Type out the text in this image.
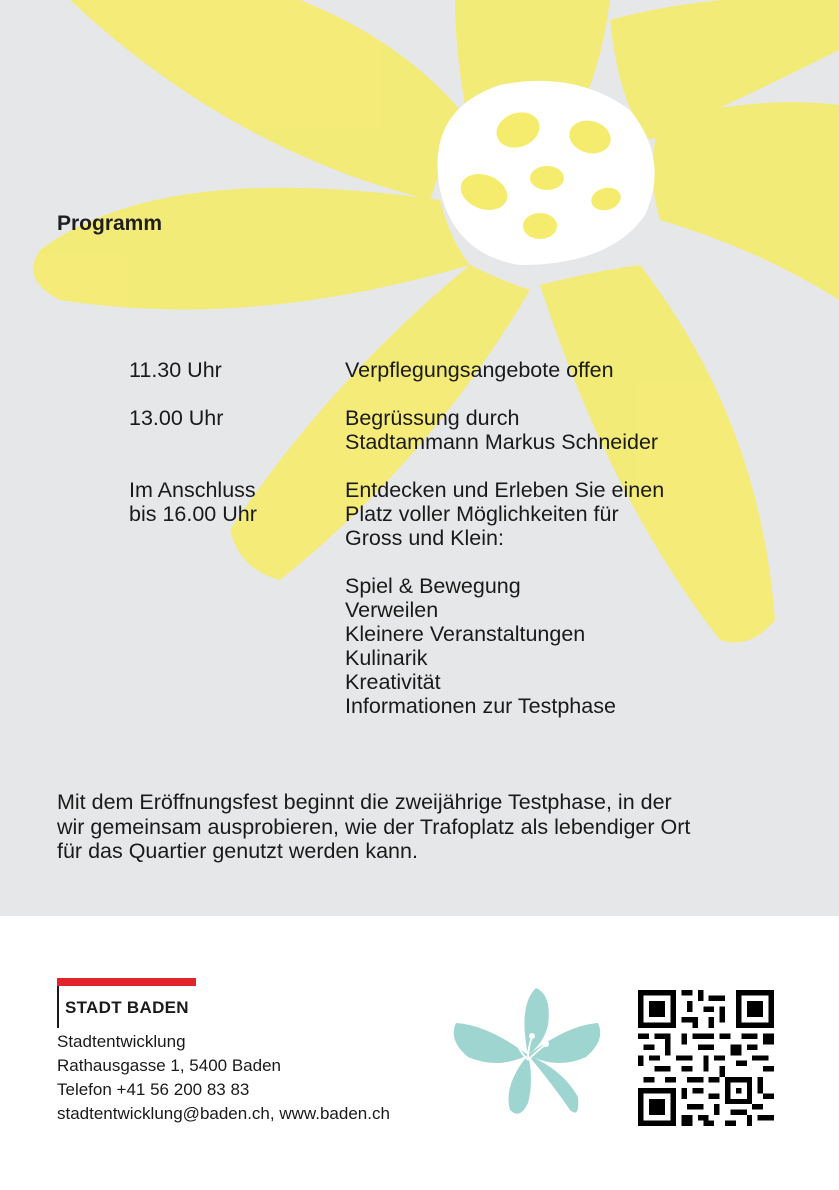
Programm
11.30 Uhr	Verpflegungsangebote offen
13.00 Uhr	Begrüssung durch
Stadtammann Markus Schneider
Im Anschluss
bis 16.00 Uhr
Entdecken und Erleben Sie einen
Platz voller Möglichkeiten für
Gross und Klein:
Spiel & Bewegung
Verweilen
Kleinere Veranstaltungen
Kulinarik
Kreativität
Informationen zur Testphase
Mit dem Eröffnungsfest beginnt die zweijährige Testphase, in der
wir gemeinsam ausprobieren, wie der Trafoplatz als lebendiger Ort
für das Quartier genutzt werden kann.
STADT BADEN
Stadtentwicklung
Rathausgasse 1, 5400 Baden
Telefon +41 56 200 83 83
stadtentwicklung@baden.ch, www.baden.ch
